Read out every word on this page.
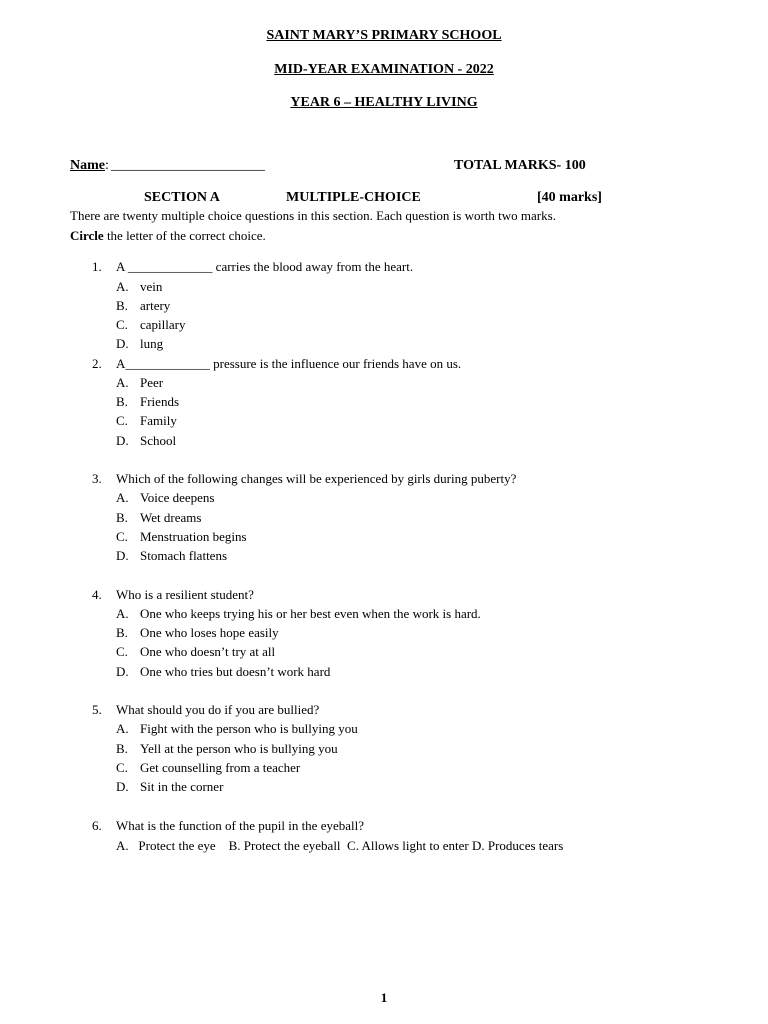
SAINT MARY’S PRIMARY SCHOOL
MID-YEAR EXAMINATION - 2022
YEAR 6 – HEALTHY LIVING
Name: ______________________	TOTAL MARKS- 100
SECTION A	MULTIPLE-CHOICE	[40 marks]
There are twenty multiple choice questions in this section. Each question is worth two marks.
Circle the letter of the correct choice.
1. A _____________ carries the blood away from the heart.
A. vein
B. artery
C. capillary
D. lung
2. A_____________ pressure is the influence our friends have on us.
A. Peer
B. Friends
C. Family
D. School
3. Which of the following changes will be experienced by girls during puberty?
A. Voice deepens
B. Wet dreams
C. Menstruation begins
D. Stomach flattens
4. Who is a resilient student?
A. One who keeps trying his or her best even when the work is hard.
B. One who loses hope easily
C. One who doesn’t try at all
D. One who tries but doesn’t work hard
5. What should you do if you are bullied?
A. Fight with the person who is bullying you
B. Yell at the person who is bullying you
C. Get counselling from a teacher
D. Sit in the corner
6. What is the function of the pupil in the eyeball?
A.   Protect the eye    B. Protect the eyeball  C. Allows light to enter D. Produces tears
1
